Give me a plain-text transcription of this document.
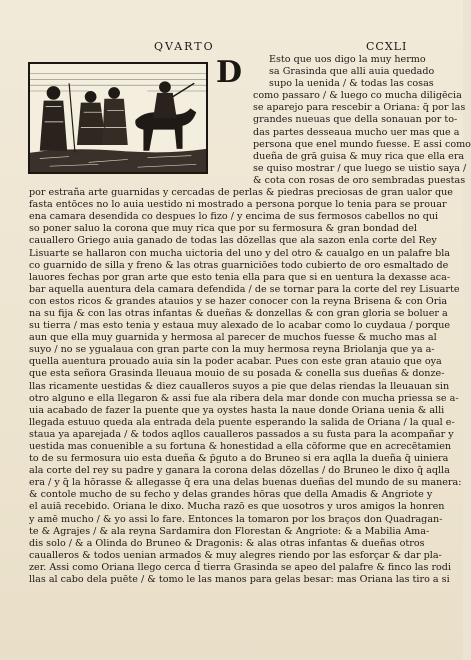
QVARTO	CCXLI
D	Esto que uos digo la muy hermo
sa Grasinda que alli auia quedado
supo la uenida / & todas las cosas
como passaro / & luego co mucha diligēcia
se aparejo para rescebir a Oriana: q̄ por las
grandes nueuas que della sonauan por to-
das partes desseaua mucho uer mas que a
persona que enel mundo fuesse. E assi como
dueña de grā guisa & muy rica que ella era
se quiso mostrar / que luego se uistio saya /
& cota con rosas de oro sembradas puestas
por estraña arte guarnidas y cercadas de perlas & piedras preciosas de gran ualor que
fasta entōces no lo auia uestido ni mostrado a persona porque lo tenia para se prouar
ena camara desendida co despues lo fizo / y encima de sus fermosos cabellos no qui
so poner saluo la corona que muy rica que por su fermosura & gran bondad del
cauallero Griego auia ganado de todas las dōzellas que ala sazon enla corte del Rey
Lisuarte se hallaron con mucha uictoria del uno y del otro & caualgo en un palafre bla
co guarnido de silla y freno & las otras guarniciōes todo cubierto de oro esmaltado de
lauores fechas por gran arte que esto tenia ella para que si en uentura la dexasse aca-
bar aquella auentura dela camara defendida / de se tornar para la corte del rey Lisuarte
con estos ricos & grandes atauios y se hazer conocer con la reyna Brisena & con Oria
na su fija & con las otras infantas & dueñas & donzellas & con gran gloria se boluer a
su tierra / mas esto tenia y estaua muy alexado de lo acabar como lo cuydaua / porque
aun que ella muy guarnida y hermosa al parecer de muchos fuesse & mucho mas al
suyo / no se ygualaua con gran parte con la muy hermosa reyna Briolanja que ya a-
quella auentura prouado auia sin la poder acabar. Pues con este gran atauio que oya
que esta señora Grasinda lleuaua mouio de su posada & conella sus dueñas & donze-
llas ricamente uestidas & diez caualleros suyos a pie que delas riendas la lleuauan sin
otro alguno e ella llegaron & assi fue ala ribera dela mar donde con mucha priessa se a-
uia acabado de fazer la puente que ya oystes hasta la naue donde Oriana uenia & alli
llegada estuuo queda ala entrada dela puente esperando la salida de Oriana / la qual e-
staua ya aparejada / & todos aqllos caualleros passados a su fusta para la acompañar y
uestida mas conuenible a su fortuna & honestidad a ella cōforme que en acrecētamien
to de su fermosura uio esta dueña & p̄guto a do Bruneo si era aqlla la dueña q̄ uiniera
ala corte del rey su padre y ganara la corona delas dōzellas / do Bruneo le dixo q̄ aqlla
era / y q̄ la hōrasse & allegasse q̄ era una delas buenas dueñas del mundo de su manera:
& contole mucho de su fecho y delas grandes hōras que della Amadis & Angriote y
el auiā recebido. Oriana le dixo. Mucha razō es que uosotros y uros amigos la honren
y amē mucho / & yo assi lo fare. Entonces la tomaron por los braços don Quadragan-
te & Agrajes / & ala reyna Sardamira don Florestan & Angriote: & a Mabilia Ama-
dis solo / & a Olinda do Bruneo & Dragonis: & alas otras infantas & dueñas otros
caualleros & todos uenian armados & muy alegres riendo por las esforçar & dar pla-
zer. Assi como Oriana llego cerca d̄ tierra Grasinda se apeo del palafre & finco las rodi
llas al cabo dela puēte / & tomo le las manos para gelas besar: mas Oriana las tiro a si
